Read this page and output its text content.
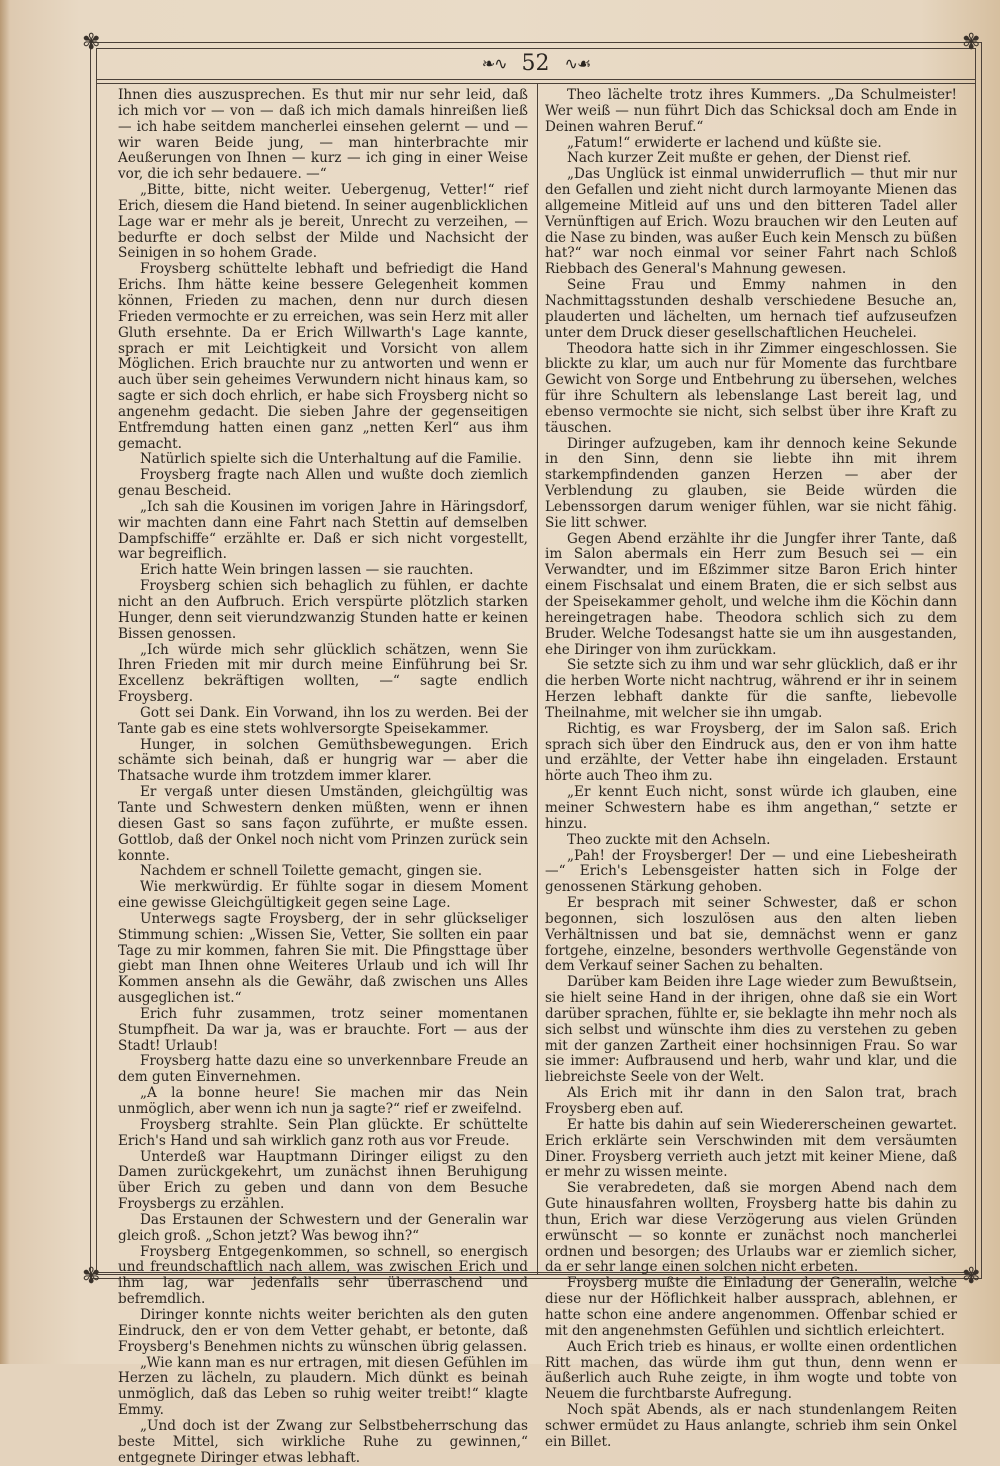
✾	✾
✾	✾
❧∿ 52 ∿☙

Ihnen dies auszusprechen. Es thut mir nur sehr leid, daß ich mich vor — von — daß ich mich damals hinreißen ließ — ich habe seitdem mancherlei einsehen gelernt — und — wir waren Beide jung, — man hinterbrachte mir Aeußerungen von Ihnen — kurz — ich ging in einer Weise vor, die ich sehr bedauere. —“

„Bitte, bitte, nicht weiter. Uebergenug, Vetter!“ rief Erich, diesem die Hand bietend. In seiner augenblicklichen Lage war er mehr als je bereit, Unrecht zu verzeihen, — bedurfte er doch selbst der Milde und Nachsicht der Seinigen in so hohem Grade.

Froysberg schüttelte lebhaft und befriedigt die Hand Erichs. Ihm hätte keine bessere Gelegenheit kommen können, Frieden zu machen, denn nur durch diesen Frieden vermochte er zu erreichen, was sein Herz mit aller Gluth ersehnte. Da er Erich Willwarth's Lage kannte, sprach er mit Leichtigkeit und Vorsicht von allem Möglichen. Erich brauchte nur zu antworten und wenn er auch über sein geheimes Verwundern nicht hinaus kam, so sagte er sich doch ehrlich, er habe sich Froysberg nicht so angenehm gedacht. Die sieben Jahre der gegenseitigen Entfremdung hatten einen ganz „netten Kerl“ aus ihm gemacht.

Natürlich spielte sich die Unterhaltung auf die Familie.

Froysberg fragte nach Allen und wußte doch ziemlich genau Bescheid.

„Ich sah die Kousinen im vorigen Jahre in Häringsdorf, wir machten dann eine Fahrt nach Stettin auf demselben Dampfschiffe“ erzählte er. Daß er sich nicht vorgestellt, war begreiflich.

Erich hatte Wein bringen lassen — sie rauchten.

Froysberg schien sich behaglich zu fühlen, er dachte nicht an den Aufbruch. Erich verspürte plötzlich starken Hunger, denn seit vierundzwanzig Stunden hatte er keinen Bissen genossen.

„Ich würde mich sehr glücklich schätzen, wenn Sie Ihren Frieden mit mir durch meine Einführung bei Sr. Excellenz bekräftigen wollten, —“ sagte endlich Froysberg.

Gott sei Dank. Ein Vorwand, ihn los zu werden. Bei der Tante gab es eine stets wohlversorgte Speisekammer.

Hunger, in solchen Gemüthsbewegungen. Erich schämte sich beinah, daß er hungrig war — aber die Thatsache wurde ihm trotzdem immer klarer.

Er vergaß unter diesen Umständen, gleichgültig was Tante und Schwestern denken müßten, wenn er ihnen diesen Gast so sans façon zuführte, er mußte essen. Gottlob, daß der Onkel noch nicht vom Prinzen zurück sein konnte.

Nachdem er schnell Toilette gemacht, gingen sie.

Wie merkwürdig. Er fühlte sogar in diesem Moment eine gewisse Gleichgültigkeit gegen seine Lage.

Unterwegs sagte Froysberg, der in sehr glückseliger Stimmung schien: „Wissen Sie, Vetter, Sie sollten ein paar Tage zu mir kommen, fahren Sie mit. Die Pfingsttage über giebt man Ihnen ohne Weiteres Urlaub und ich will Ihr Kommen ansehn als die Gewähr, daß zwischen uns Alles ausgeglichen ist.“

Erich fuhr zusammen, trotz seiner momentanen Stumpfheit. Da war ja, was er brauchte. Fort — aus der Stadt! Urlaub!

Froysberg hatte dazu eine so unverkennbare Freude an dem guten Einvernehmen.

„A la bonne heure! Sie machen mir das Nein unmöglich, aber wenn ich nun ja sagte?“ rief er zweifelnd.

Froysberg strahlte. Sein Plan glückte. Er schüttelte Erich's Hand und sah wirklich ganz roth aus vor Freude.

Unterdeß war Hauptmann Diringer eiligst zu den Damen zurückgekehrt, um zunächst ihnen Beruhigung über Erich zu geben und dann von dem Besuche Froysbergs zu erzählen.

Das Erstaunen der Schwestern und der Generalin war gleich groß. „Schon jetzt? Was bewog ihn?“

Froysberg Entgegenkommen, so schnell, so energisch und freundschaftlich nach allem, was zwischen Erich und ihm lag, war jedenfalls sehr überraschend und befremdlich.

Diringer konnte nichts weiter berichten als den guten Eindruck, den er von dem Vetter gehabt, er betonte, daß Froysberg's Benehmen nichts zu wünschen übrig gelassen.

„Wie kann man es nur ertragen, mit diesen Gefühlen im Herzen zu lächeln, zu plaudern. Mich dünkt es beinah unmöglich, daß das Leben so ruhig weiter treibt!“ klagte Emmy.

„Und doch ist der Zwang zur Selbstbeherrschung das beste Mittel, sich wirkliche Ruhe zu gewinnen,“ entgegnete Diringer etwas lebhaft.

Theo lächelte trotz ihres Kummers. „Da Schulmeister! Wer weiß — nun führt Dich das Schicksal doch am Ende in Deinen wahren Beruf.“

„Fatum!“ erwiderte er lachend und küßte sie.

Nach kurzer Zeit mußte er gehen, der Dienst rief.

„Das Unglück ist einmal unwiderruflich — thut mir nur den Gefallen und zieht nicht durch larmoyante Mienen das allgemeine Mitleid auf uns und den bitteren Tadel aller Vernünftigen auf Erich. Wozu brauchen wir den Leuten auf die Nase zu binden, was außer Euch kein Mensch zu büßen hat?“ war noch einmal vor seiner Fahrt nach Schloß Riebbach des General's Mahnung gewesen.

Seine Frau und Emmy nahmen in den Nachmittagsstunden deshalb verschiedene Besuche an, plauderten und lächelten, um hernach tief aufzuseufzen unter dem Druck dieser gesellschaftlichen Heuchelei.

Theodora hatte sich in ihr Zimmer eingeschlossen. Sie blickte zu klar, um auch nur für Momente das furchtbare Gewicht von Sorge und Entbehrung zu übersehen, welches für ihre Schultern als lebenslange Last bereit lag, und ebenso vermochte sie nicht, sich selbst über ihre Kraft zu täuschen.

Diringer aufzugeben, kam ihr dennoch keine Sekunde in den Sinn, denn sie liebte ihn mit ihrem starkempfindenden ganzen Herzen — aber der Verblendung zu glauben, sie Beide würden die Lebenssorgen darum weniger fühlen, war sie nicht fähig. Sie litt schwer.

Gegen Abend erzählte ihr die Jungfer ihrer Tante, daß im Salon abermals ein Herr zum Besuch sei — ein Verwandter, und im Eßzimmer sitze Baron Erich hinter einem Fischsalat und einem Braten, die er sich selbst aus der Speisekammer geholt, und welche ihm die Köchin dann hereingetragen habe. Theodora schlich sich zu dem Bruder. Welche Todesangst hatte sie um ihn ausgestanden, ehe Diringer von ihm zurückkam.

Sie setzte sich zu ihm und war sehr glücklich, daß er ihr die herben Worte nicht nachtrug, während er ihr in seinem Herzen lebhaft dankte für die sanfte, liebevolle Theilnahme, mit welcher sie ihn umgab.

Richtig, es war Froysberg, der im Salon saß. Erich sprach sich über den Eindruck aus, den er von ihm hatte und erzählte, der Vetter habe ihn eingeladen. Erstaunt hörte auch Theo ihm zu.

„Er kennt Euch nicht, sonst würde ich glauben, eine meiner Schwestern habe es ihm angethan,“ setzte er hinzu.

Theo zuckte mit den Achseln.

„Pah! der Froysberger! Der — und eine Liebesheirath —“ Erich's Lebensgeister hatten sich in Folge der genossenen Stärkung gehoben.

Er besprach mit seiner Schwester, daß er schon begonnen, sich loszulösen aus den alten lieben Verhältnissen und bat sie, demnächst wenn er ganz fortgehe, einzelne, besonders werthvolle Gegenstände von dem Verkauf seiner Sachen zu behalten.

Darüber kam Beiden ihre Lage wieder zum Bewußtsein, sie hielt seine Hand in der ihrigen, ohne daß sie ein Wort darüber sprachen, fühlte er, sie beklagte ihn mehr noch als sich selbst und wünschte ihm dies zu verstehen zu geben mit der ganzen Zartheit einer hochsinnigen Frau. So war sie immer: Aufbrausend und herb, wahr und klar, und die liebreichste Seele von der Welt.

Als Erich mit ihr dann in den Salon trat, brach Froysberg eben auf.

Er hatte bis dahin auf sein Wiedererscheinen gewartet. Erich erklärte sein Verschwinden mit dem versäumten Diner. Froysberg verrieth auch jetzt mit keiner Miene, daß er mehr zu wissen meinte.

Sie verabredeten, daß sie morgen Abend nach dem Gute hinausfahren wollten, Froysberg hatte bis dahin zu thun, Erich war diese Verzögerung aus vielen Gründen erwünscht — so konnte er zunächst noch mancherlei ordnen und besorgen; des Urlaubs war er ziemlich sicher, da er sehr lange einen solchen nicht erbeten.

Froysberg mußte die Einladung der Generalin, welche diese nur der Höflichkeit halber aussprach, ablehnen, er hatte schon eine andere angenommen. Offenbar schied er mit den angenehmsten Gefühlen und sichtlich erleichtert.

Auch Erich trieb es hinaus, er wollte einen ordentlichen Ritt machen, das würde ihm gut thun, denn wenn er äußerlich auch Ruhe zeigte, in ihm wogte und tobte von Neuem die furchtbarste Aufregung.

Noch spät Abends, als er nach stundenlangem Reiten schwer ermüdet zu Haus anlangte, schrieb ihm sein Onkel ein Billet.
